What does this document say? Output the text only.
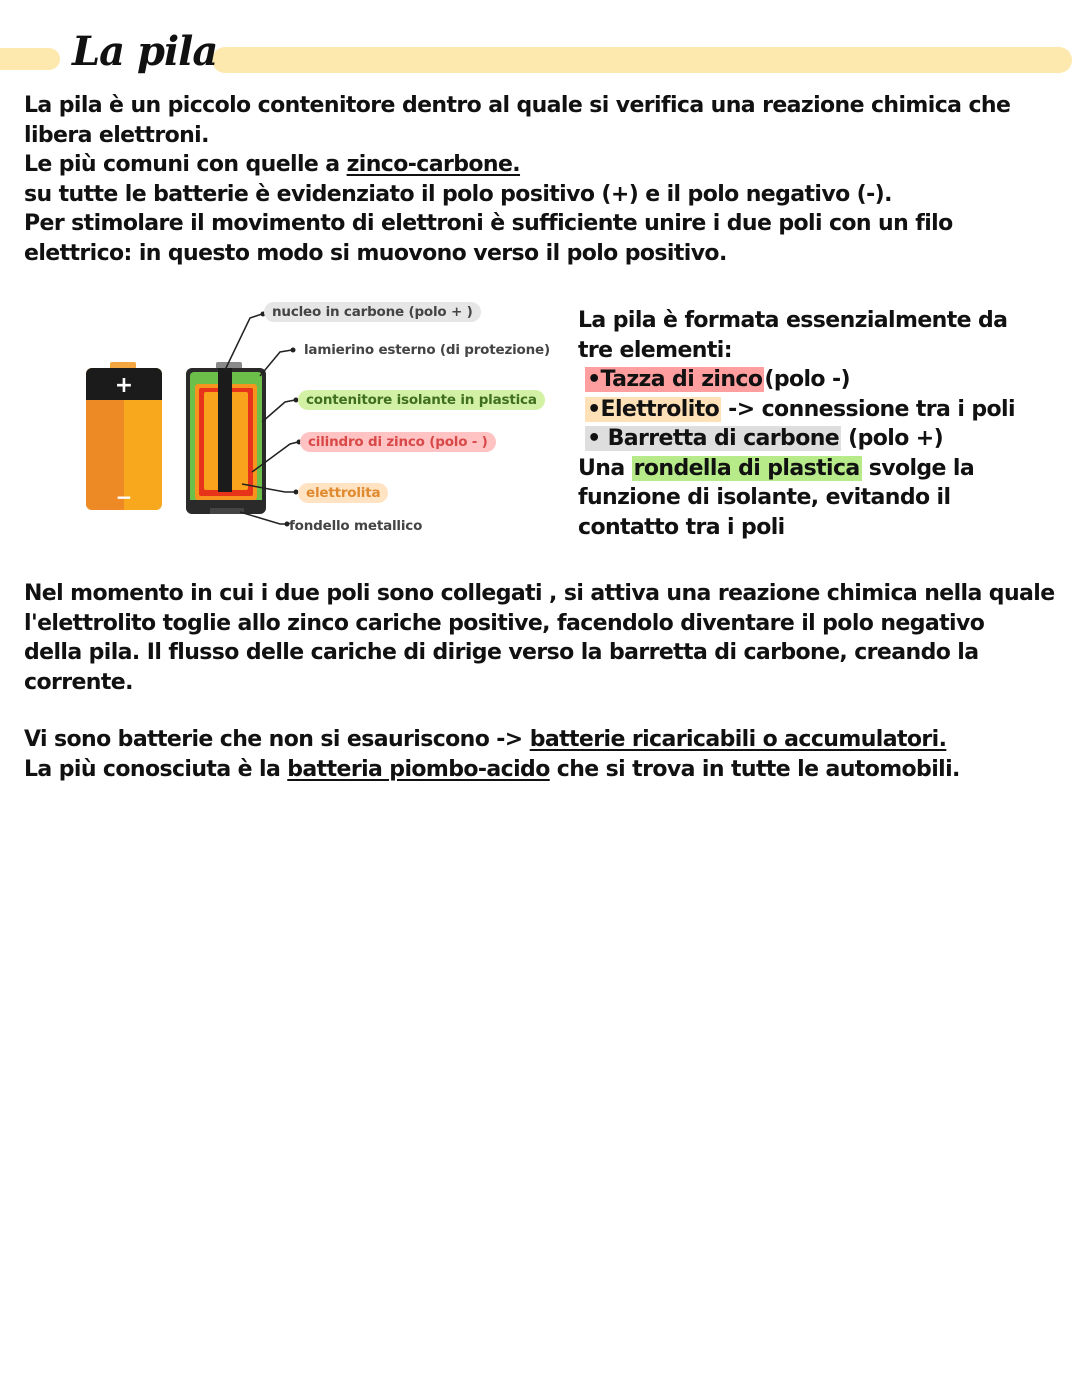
La pila
La pila è un piccolo contenitore dentro al quale si verifica una reazione chimica che
libera elettroni.
Le più comuni con quelle a zinco-carbone.
su tutte le batterie è evidenziato il polo positivo (+) e il polo negativo (-).
Per stimolare il movimento di elettroni è sufficiente unire i due poli con un filo
elettrico: in questo modo si muovono verso il polo positivo.
+
−
nucleo in carbone (polo + )
lamierino esterno (di protezione)
contenitore isolante in plastica
cilindro di zinco (polo - )
elettrolita
fondello metallico
La pila è formata essenzialmente da
tre elementi:
•Tazza di zinco(polo -)
•Elettrolito -> connessione tra i poli
• Barretta di carbone (polo +)
Una rondella di plastica svolge la
funzione di isolante, evitando il
contatto tra i poli
Nel momento in cui i due poli sono collegati , si attiva una reazione chimica nella quale
l'elettrolito toglie allo zinco cariche positive, facendolo diventare il polo negativo
della pila. Il flusso delle cariche di dirige verso la barretta di carbone, creando la
corrente.
Vi sono batterie che non si esauriscono -> batterie ricaricabili o accumulatori.
La più conosciuta è la batteria piombo-acido che si trova in tutte le automobili.
